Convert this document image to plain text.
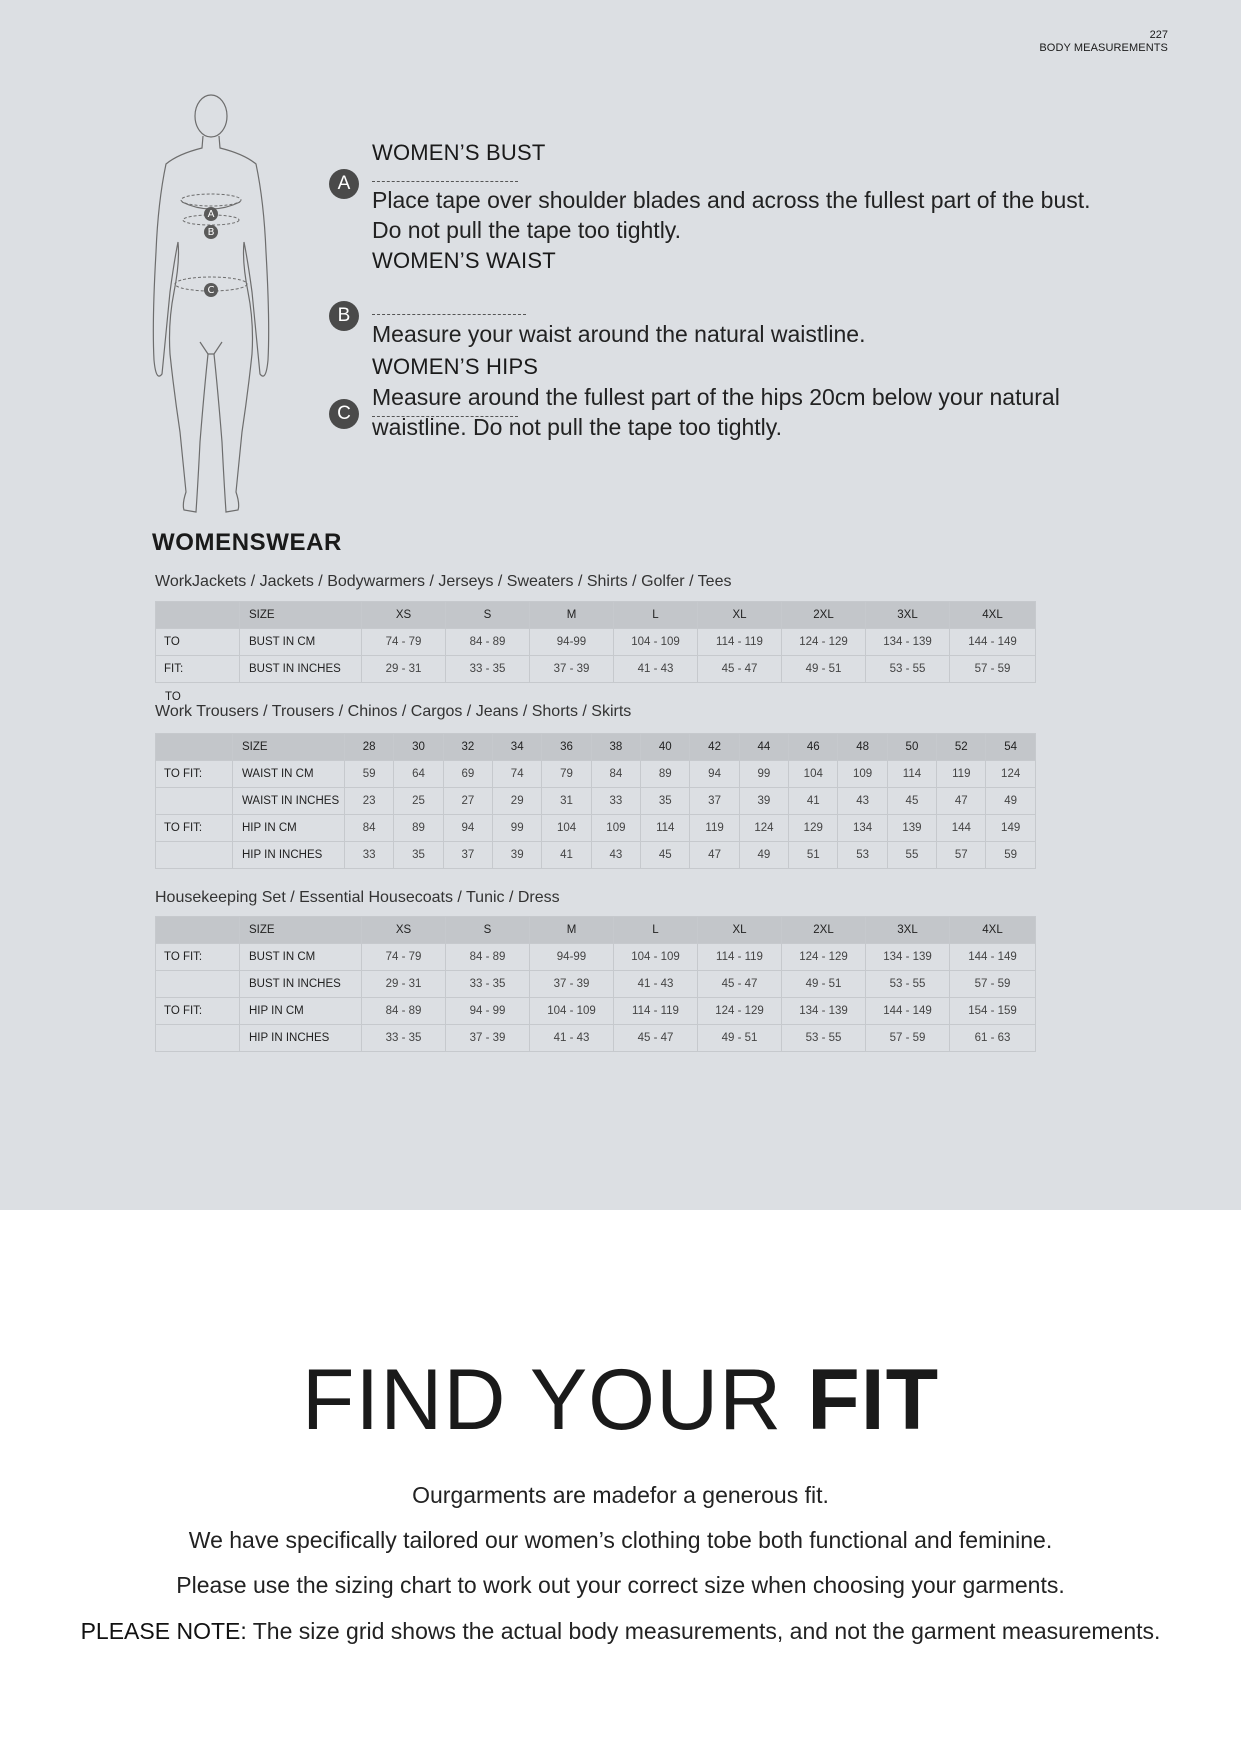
227
BODY MEASUREMENTS
A
B
C
WOMEN’S BUST
A
Place tape over shoulder blades and across the fullest part of the bust.
Do not pull the tape too tightly.
WOMEN’S WAIST
B
Measure your waist around the natural waistline.
WOMEN’S HIPS
C
Measure around the fullest part of the hips 20cm below your natural
waistline. Do not pull the tape too tightly.
WOMENSWEAR
WorkJackets / Jackets / Bodywarmers / Jerseys / Sweaters / Shirts / Golfer / Tees
	SIZE	XS	S	M	L	XL	2XL	3XL	4XL
TO	BUST IN CM	74 - 79	84 - 89	94-99	104 - 109	114 - 119	124 - 129	134 - 139	144 - 149
FIT:	BUST IN INCHES	29 - 31	33 - 35	37 - 39	41 - 43	45 - 47	49 - 51	53 - 55	57 - 59
TO
Work Trousers / Trousers / Chinos / Cargos / Jeans / Shorts / Skirts
	SIZE	28	30	32	34	36	38	40	42	44	46	48	50	52	54
TO FIT:	WAIST IN CM	59	64	69	74	79	84	89	94	99	104	109	114	119	124
	WAIST IN INCHES	23	25	27	29	31	33	35	37	39	41	43	45	47	49
TO FIT:	HIP IN CM	84	89	94	99	104	109	114	119	124	129	134	139	144	149
	HIP IN INCHES	33	35	37	39	41	43	45	47	49	51	53	55	57	59
Housekeeping Set / Essential Housecoats / Tunic / Dress
	SIZE	XS	S	M	L	XL	2XL	3XL	4XL
TO FIT:	BUST IN CM	74 - 79	84 - 89	94-99	104 - 109	114 - 119	124 - 129	134 - 139	144 - 149
	BUST IN INCHES	29 - 31	33 - 35	37 - 39	41 - 43	45 - 47	49 - 51	53 - 55	57 - 59
TO FIT:	HIP IN CM	84 - 89	94 - 99	104 - 109	114 - 119	124 - 129	134 - 139	144 - 149	154 - 159
	HIP IN INCHES	33 - 35	37 - 39	41 - 43	45 - 47	49 - 51	53 - 55	57 - 59	61 - 63
FIND YOUR FIT
Ourgarments are madefor a generous fit.
We have specifically tailored our women’s clothing tobe both functional and feminine.
Please use the sizing chart to work out your correct size when choosing your garments.
PLEASE NOTE: The size grid shows the actual body measurements, and not the garment measurements.
